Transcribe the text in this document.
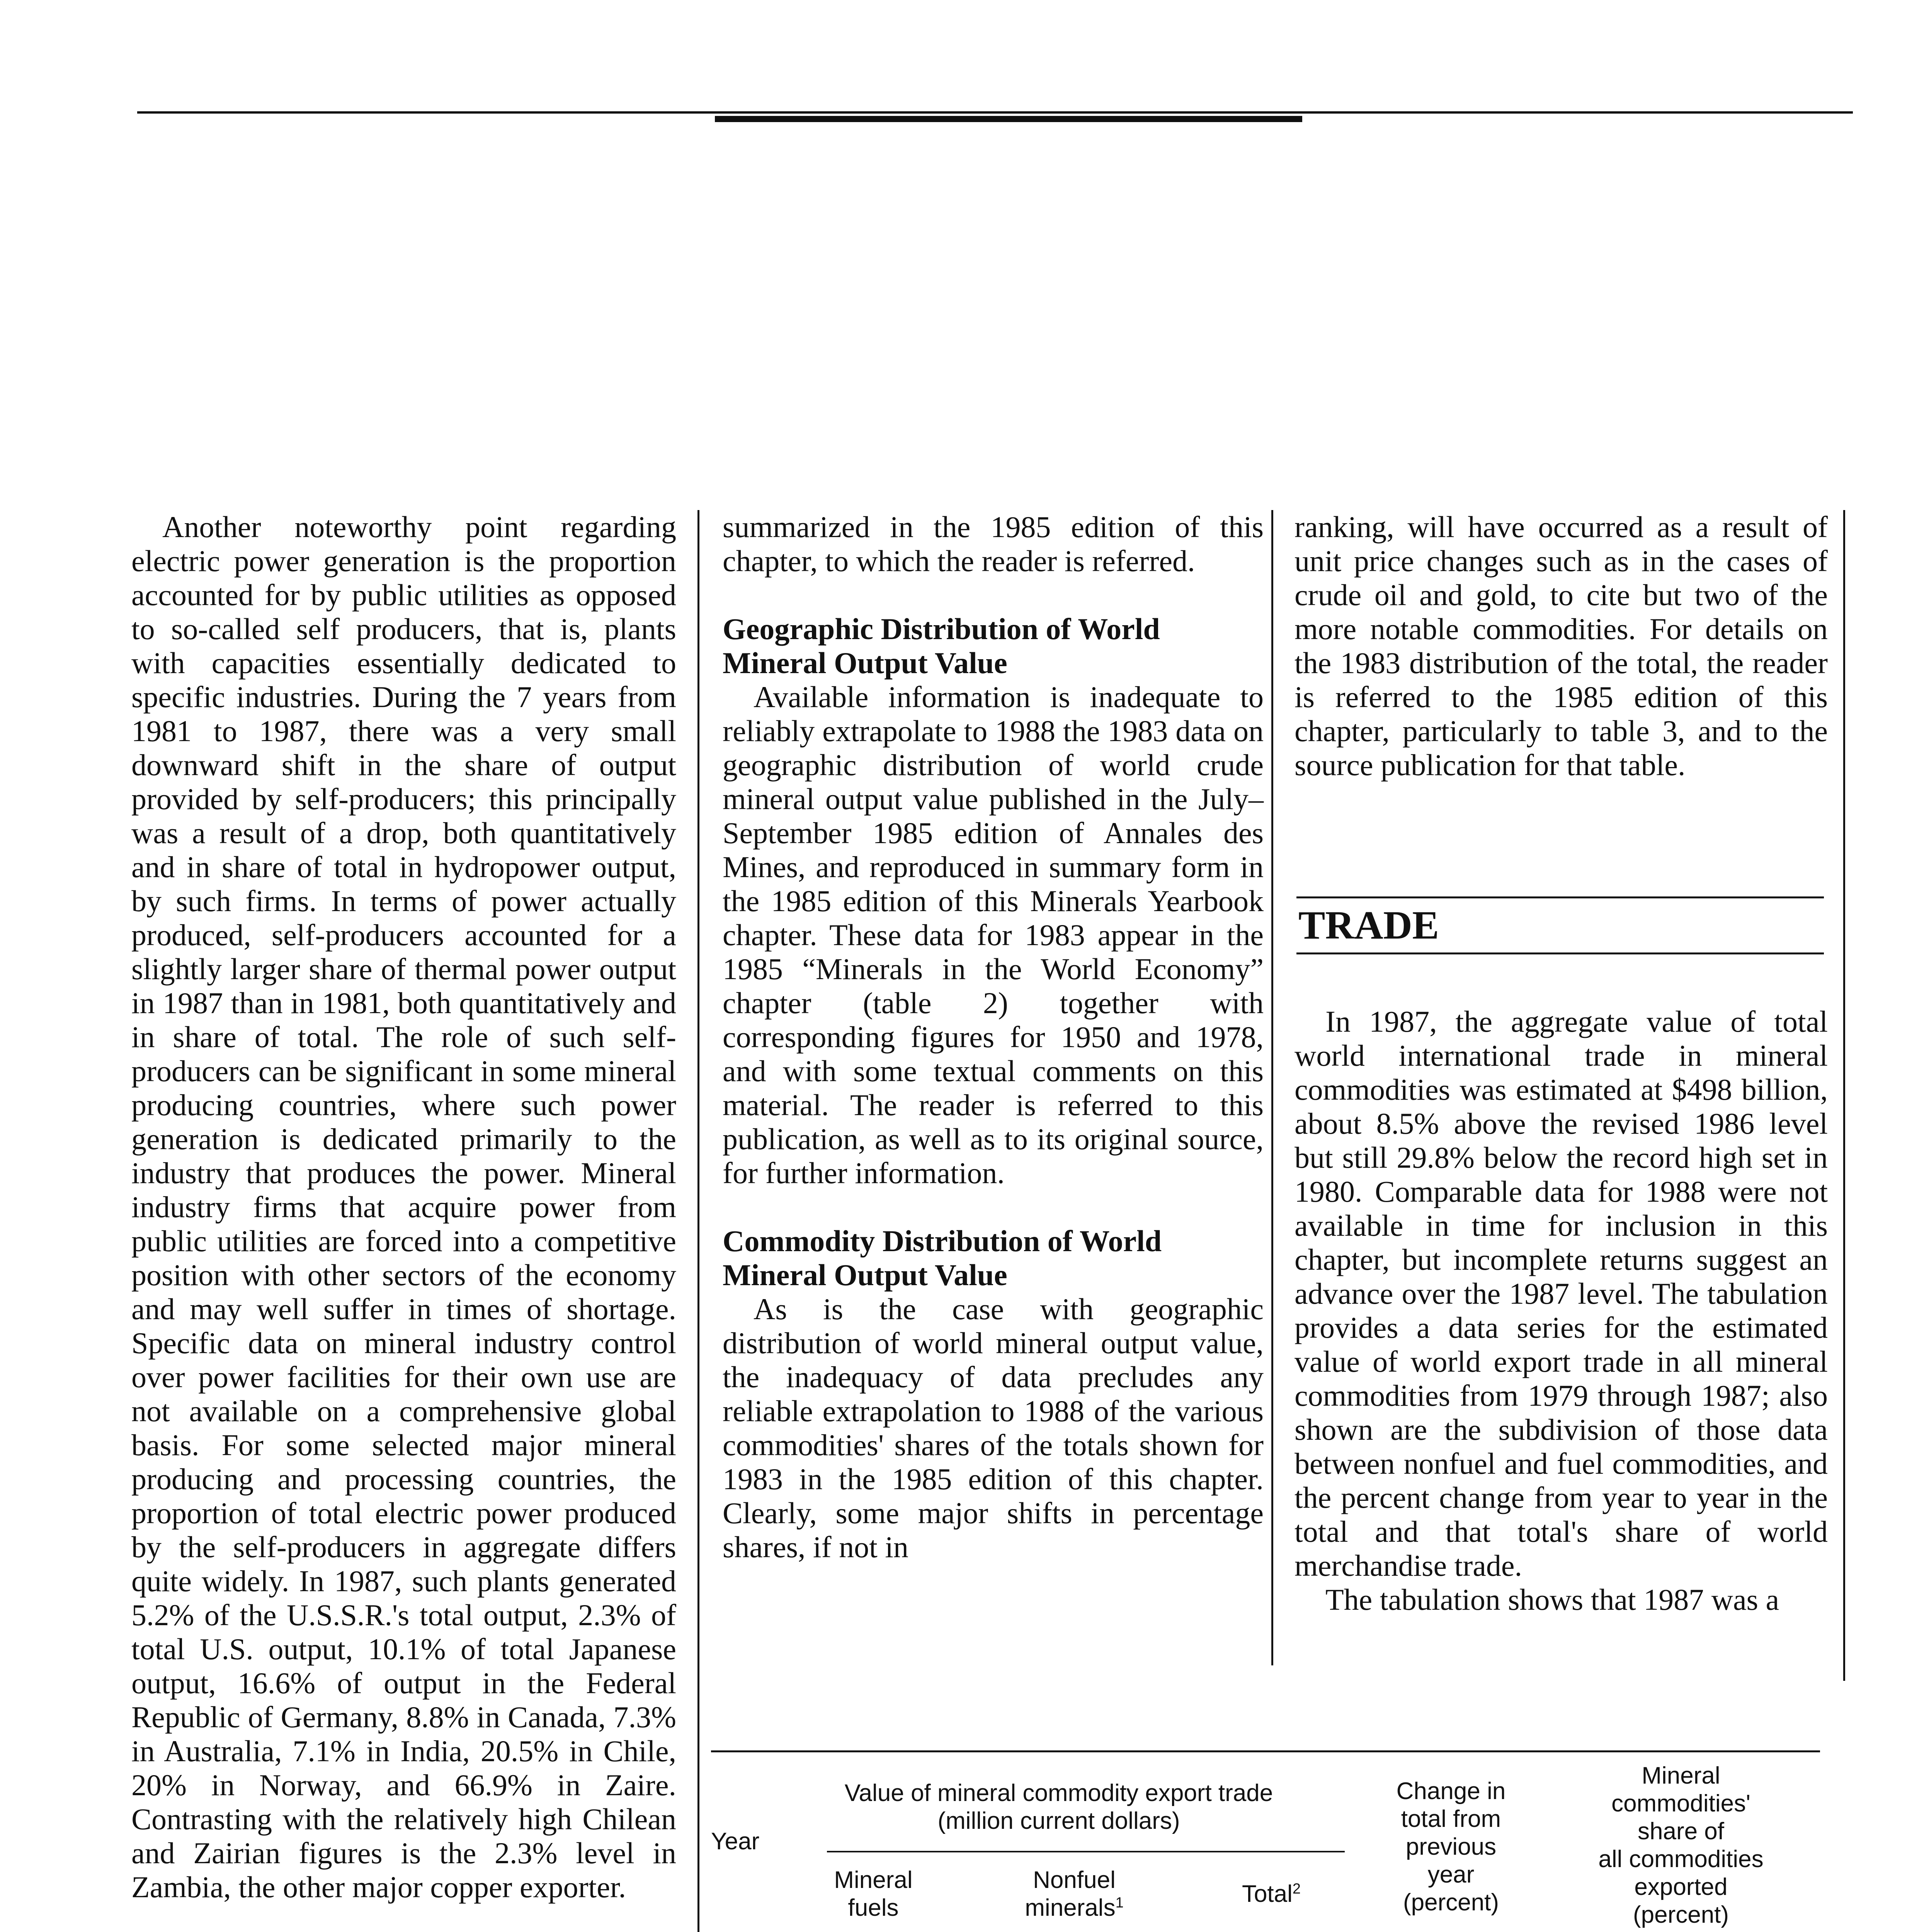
Another noteworthy point regarding electric power generation is the proportion accounted for by public utilities as opposed to so-called self producers, that is, plants with capacities essentially dedicated to specific industries. During the 7 years from 1981 to 1987, there was a very small downward shift in the share of output provided by self-producers; this principally was a result of a drop, both quantitatively and in share of total in hydropower output, by such firms. In terms of power actually produced, self-producers accounted for a slightly larger share of thermal power output in 1987 than in 1981, both quantitatively and in share of total. The role of such self-producers can be significant in some mineral producing countries, where such power generation is dedicated primarily to the industry that produces the power. Mineral industry firms that acquire power from public utilities are forced into a competitive position with other sectors of the economy and may well suffer in times of shortage. Specific data on mineral industry control over power facilities for their own use are not available on a comprehensive global basis. For some selected major mineral producing and processing countries, the proportion of total electric power produced by the self-producers in aggregate differs quite widely. In 1987, such plants generated 5.2% of the U.S.S.R.'s total output, 2.3% of total U.S. output, 10.1% of total Japanese output, 16.6% of output in the Federal Republic of Germany, 8.8% in Canada, 7.3% in Australia, 7.1% in India, 20.5% in Chile, 20% in Norway, and 66.9% in Zaire. Contrasting with the relatively high Chilean and Zairian figures is the 2.3% level in Zambia, the other major copper exporter.

summarized in the 1985 edition of this chapter, to which the reader is referred.

Geographic Distribution of World Mineral Output Value

Available information is inadequate to reliably extrapolate to 1988 the 1983 data on geographic distribution of world crude mineral output value published in the July–September 1985 edition of Annales des Mines, and reproduced in summary form in the 1985 edition of this Minerals Yearbook chapter. These data for 1983 appear in the 1985 “Minerals in the World Economy” chapter (table 2) together with corresponding figures for 1950 and 1978, and with some textual comments on this material. The reader is referred to this publication, as well as to its original source, for further information.

Commodity Distribution of World Mineral Output Value

As is the case with geographic distribution of world mineral output value, the inadequacy of data precludes any reliable extrapolation to 1988 of the various commodities' shares of the totals shown for 1983 in the 1985 edition of this chapter. Clearly, some major shifts in percentage shares, if not in

ranking, will have occurred as a result of unit price changes such as in the cases of crude oil and gold, to cite but two of the more notable commodities. For details on the 1983 distribution of the total, the reader is referred to the 1985 edition of this chapter, particularly to table 3, and to the source publication for that table.

TRADE

In 1987, the aggregate value of total world international trade in mineral commodities was estimated at $498 billion, about 8.5% above the revised 1986 level but still 29.8% below the record high set in 1980. Comparable data for 1988 were not available in time for inclusion in this chapter, but incomplete returns suggest an advance over the 1987 level. The tabulation provides a data series for the estimated value of world export trade in all mineral commodities from 1979 through 1987; also shown are the subdivision of those data between nonfuel and fuel commodities, and the percent change from year to year in the total and that total's share of world merchandise trade.

The tabulation shows that 1987 was a

Year
Value of mineral commodity export trade
(million current dollars)
Mineral
fuels
Nonfuel
minerals$^1$	Total$^2$
Change in
total from
previous
year
(percent)
Mineral
commodities'
share of
all commodities
exported
(percent)
